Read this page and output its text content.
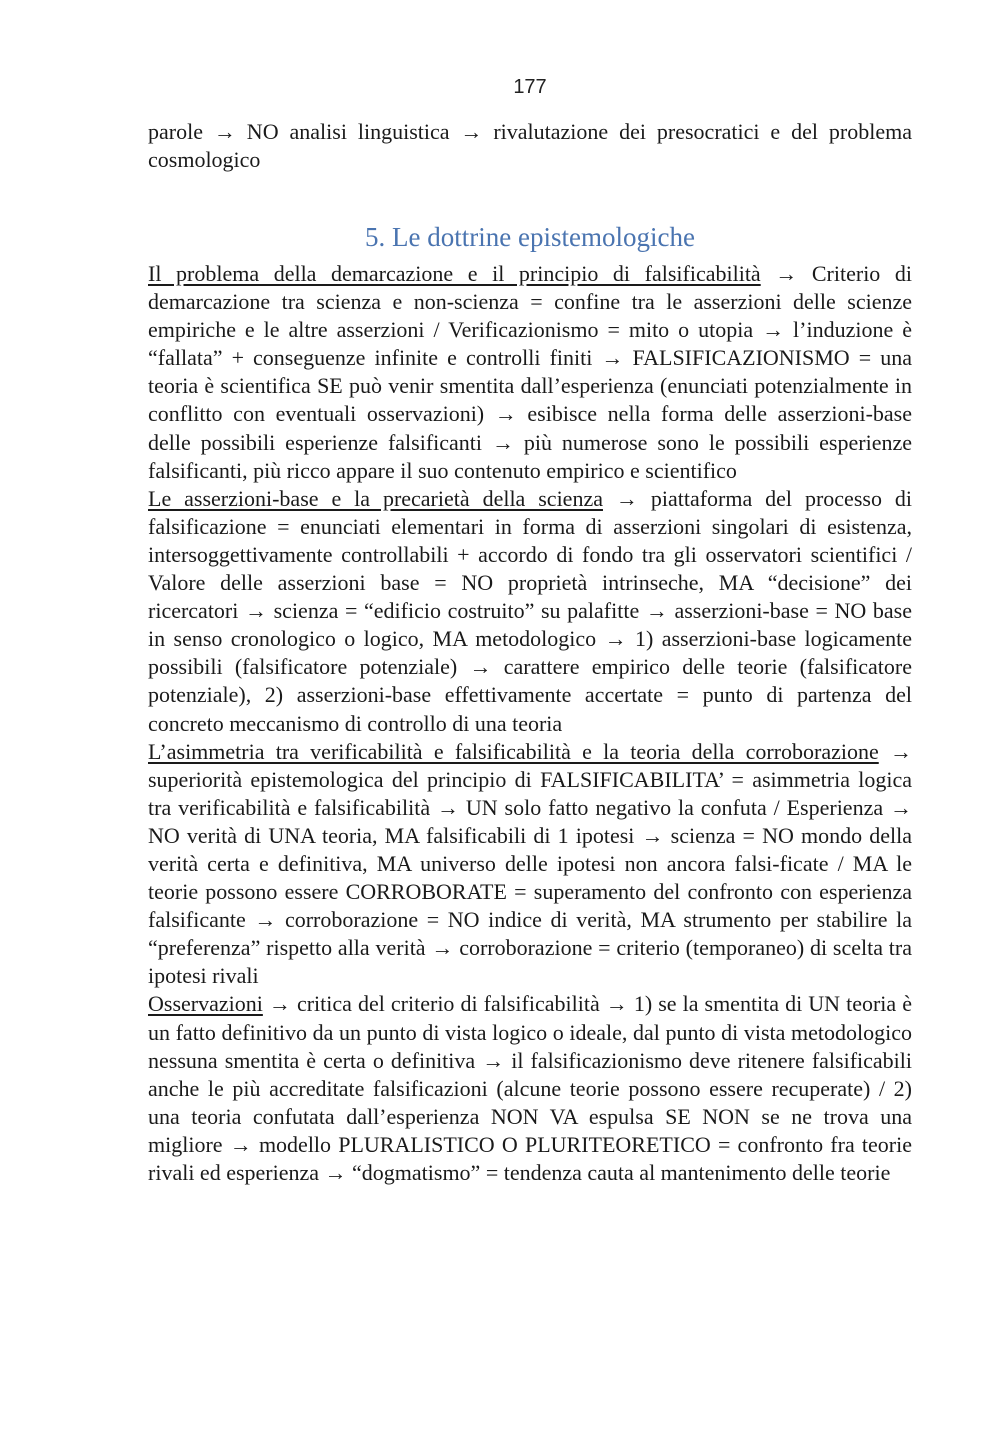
177

parole → NO analisi linguistica → rivalutazione dei presocratici e del problema cosmologico

5. Le dottrine epistemologiche

Il problema della demarcazione e il principio di falsificabilità → Criterio di demarcazione tra scienza e non-scienza = confine tra le asserzioni delle scienze empiriche e le altre asserzioni / Verificazionismo = mito o utopia → l’induzione è “fallata” + conseguenze infinite e controlli finiti → FALSIFICAZIONISMO = una teoria è scientifica SE può venir smentita dall’esperienza (enunciati potenzialmente in conflitto con eventuali osservazioni) → esibisce nella forma delle asserzioni-base delle possibili esperienze falsificanti → più numerose sono le possibili esperienze falsificanti, più ricco appare il suo contenuto empirico e scientifico

Le asserzioni-base e la precarietà della scienza → piattaforma del processo di falsificazione = enunciati elementari in forma di asserzioni singolari di esistenza, intersoggettivamente controllabili + accordo di fondo tra gli osservatori scientifici / Valore delle asserzioni base = NO proprietà intrinseche, MA “decisione” dei ricercatori → scienza = “edificio costruito” su palafitte → asserzioni-base = NO base in senso cronologico o logico, MA metodologico → 1) asserzioni-base logicamente possibili (falsificatore potenziale) → carattere empirico delle teorie (falsificatore potenziale), 2) asserzioni-base effettivamente accertate = punto di partenza del concreto meccanismo di controllo di una teoria

L’asimmetria tra verificabilità e falsificabilità e la teoria della corroborazione → superiorità epistemologica del principio di FALSIFICABILITA’ = asimmetria logica tra verificabilità e falsificabilità → UN solo fatto negativo la confuta / Esperienza → NO verità di UNA teoria, MA falsificabili di 1 ipotesi → scienza = NO mondo della verità certa e definitiva, MA universo delle ipotesi non ancora falsi-ficate / MA le teorie possono essere CORROBORATE = superamento del confronto con esperienza falsificante → corroborazione = NO indice di verità, MA strumento per stabilire la “preferenza” rispetto alla verità → corroborazione = criterio (temporaneo) di scelta tra ipotesi rivali

Osservazioni → critica del criterio di falsificabilità → 1) se la smentita di UN teoria è un fatto definitivo da un punto di vista logico o ideale, dal punto di vista metodologico nessuna smentita è certa o definitiva → il falsificazionismo deve ritenere falsificabili anche le più accreditate falsificazioni (alcune teorie possono essere recuperate) / 2) una teoria confutata dall’esperienza NON VA espulsa SE NON se ne trova una migliore → modello PLURALISTICO O PLURITEORETICO = confronto fra teorie rivali ed esperienza → “dogmatismo” = tendenza cauta al mantenimento delle teorie
